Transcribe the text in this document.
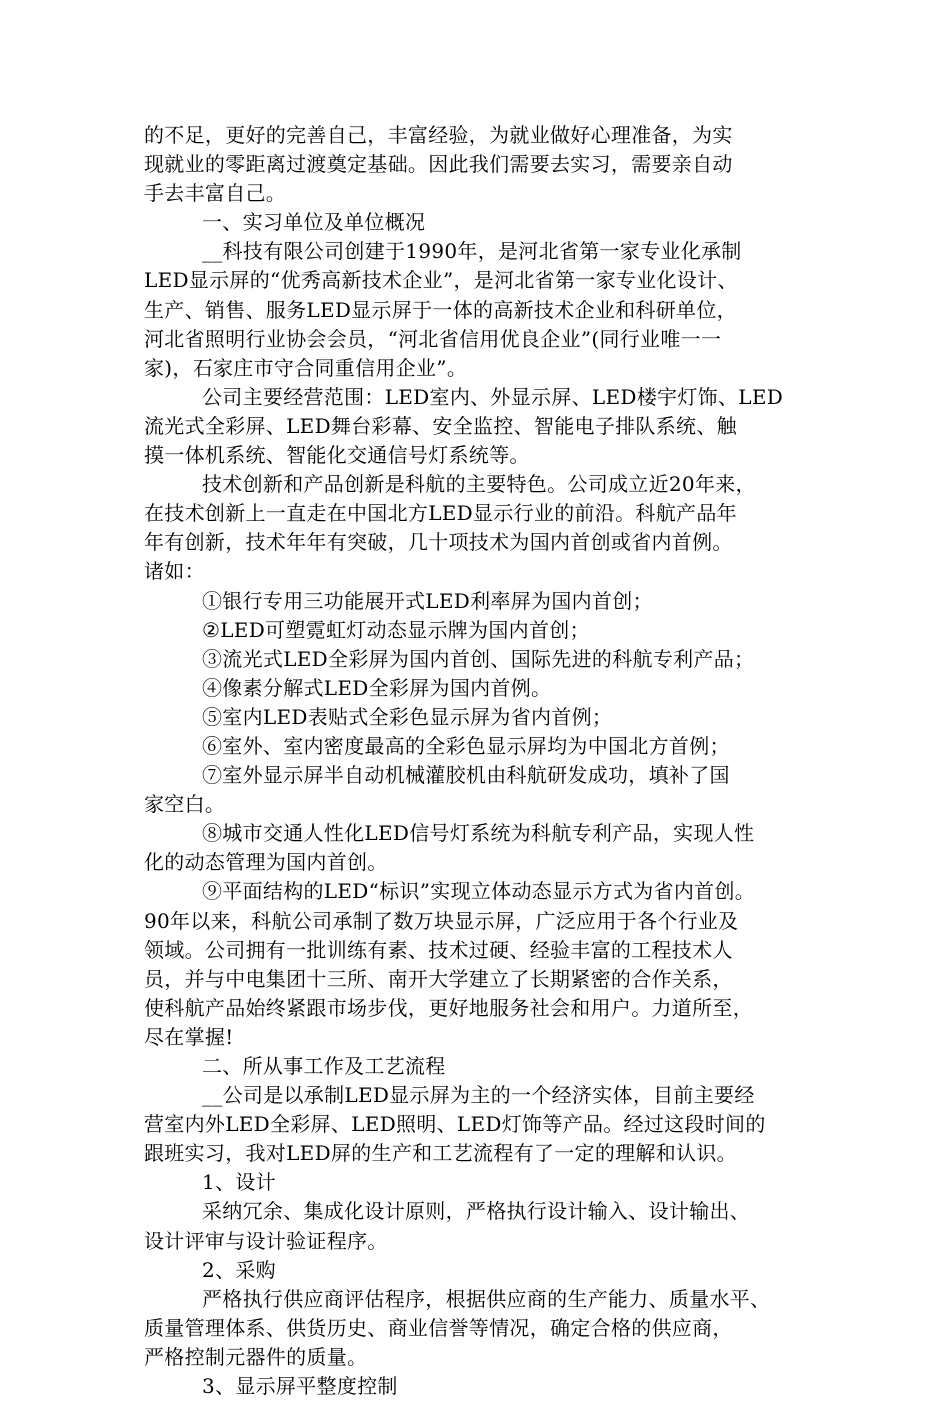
的不足，更好的完善自己，丰富经验，为就业做好心理准备，为实
现就业的零距离过渡奠定基础。因此我们需要去实习，需要亲自动
手去丰富自己。
一、实习单位及单位概况
__科技有限公司创建于1990年，是河北省第一家专业化承制
LED显示屏的“优秀高新技术企业”，是河北省第一家专业化设计、
生产、销售、服务LED显示屏于一体的高新技术企业和科研单位，
河北省照明行业协会会员，“河北省信用优良企业”(同行业唯一一
家)，石家庄市守合同重信用企业”。
公司主要经营范围：LED室内、外显示屏、LED楼宇灯饰、LED
流光式全彩屏、LED舞台彩幕、安全监控、智能电子排队系统、触
摸一体机系统、智能化交通信号灯系统等。
技术创新和产品创新是科航的主要特色。公司成立近20年来，
在技术创新上一直走在中国北方LED显示行业的前沿。科航产品年
年有创新，技术年年有突破，几十项技术为国内首创或省内首例。
诸如：
①银行专用三功能展开式LED利率屏为国内首创；
②LED可塑霓虹灯动态显示牌为国内首创；
③流光式LED全彩屏为国内首创、国际先进的科航专利产品；
④像素分解式LED全彩屏为国内首例。
⑤室内LED表贴式全彩色显示屏为省内首例；
⑥室外、室内密度最高的全彩色显示屏均为中国北方首例；
⑦室外显示屏半自动机械灌胶机由科航研发成功，填补了国
家空白。
⑧城市交通人性化LED信号灯系统为科航专利产品，实现人性
化的动态管理为国内首创。
⑨平面结构的LED“标识”实现立体动态显示方式为省内首创。
90年以来，科航公司承制了数万块显示屏，广泛应用于各个行业及
领域。公司拥有一批训练有素、技术过硬、经验丰富的工程技术人
员，并与中电集团十三所、南开大学建立了长期紧密的合作关系，
使科航产品始终紧跟市场步伐，更好地服务社会和用户。力道所至，
尽在掌握!
二、所从事工作及工艺流程
__公司是以承制LED显示屏为主的一个经济实体，目前主要经
营室内外LED全彩屏、LED照明、LED灯饰等产品。经过这段时间的
跟班实习，我对LED屏的生产和工艺流程有了一定的理解和认识。
1、设计
采纳冗余、集成化设计原则，严格执行设计输入、设计输出、
设计评审与设计验证程序。
2、采购
严格执行供应商评估程序，根据供应商的生产能力、质量水平、
质量管理体系、供货历史、商业信誉等情况，确定合格的供应商，
严格控制元器件的质量。
3、显示屏平整度控制
